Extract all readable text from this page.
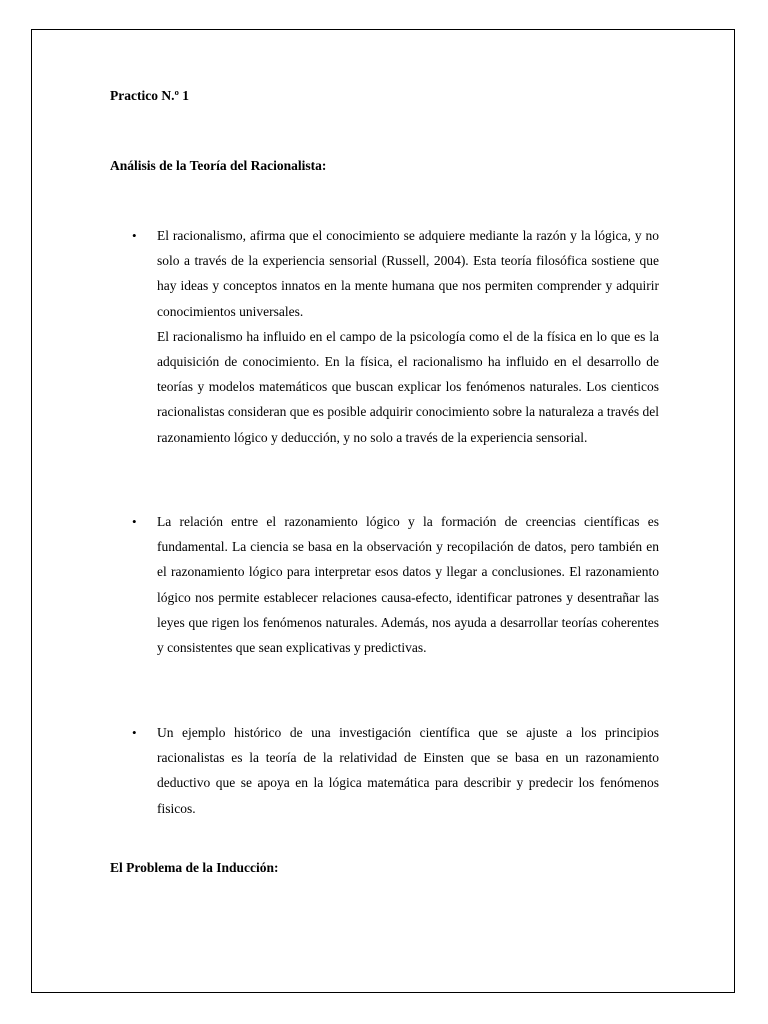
Practico N.º 1
Análisis de la Teoría del Racionalista:
• El racionalismo, afirma que el conocimiento se adquiere mediante la razón y la lógica, y no solo a través de la experiencia sensorial (Russell, 2004). Esta teoría filosófica sostiene que hay ideas y conceptos innatos en la mente humana que nos permiten comprender y adquirir conocimientos universales.

El racionalismo ha influido en el campo de la psicología como el de la física en lo que es la adquisición de conocimiento. En la física, el racionalismo ha influido en el desarrollo de teorías y modelos matemáticos que buscan explicar los fenómenos naturales. Los cienticos racionalistas consideran que es posible adquirir conocimiento sobre la naturaleza a través del razonamiento lógico y deducción, y no solo a través de la experiencia sensorial.

• La relación entre el razonamiento lógico y la formación de creencias científicas es fundamental. La ciencia se basa en la observación y recopilación de datos, pero también en el razonamiento lógico para interpretar esos datos y llegar a conclusiones. El razonamiento lógico nos permite establecer relaciones causa-efecto, identificar patrones y desentrañar las leyes que rigen los fenómenos naturales. Además, nos ayuda a desarrollar teorías coherentes y consistentes que sean explicativas y predictivas.

• Un ejemplo histórico de una investigación científica que se ajuste a los principios racionalistas es la teoría de la relatividad de Einsten que se basa en un razonamiento deductivo que se apoya en la lógica matemática para describir y predecir los fenómenos fisicos.

El Problema de la Inducción:
